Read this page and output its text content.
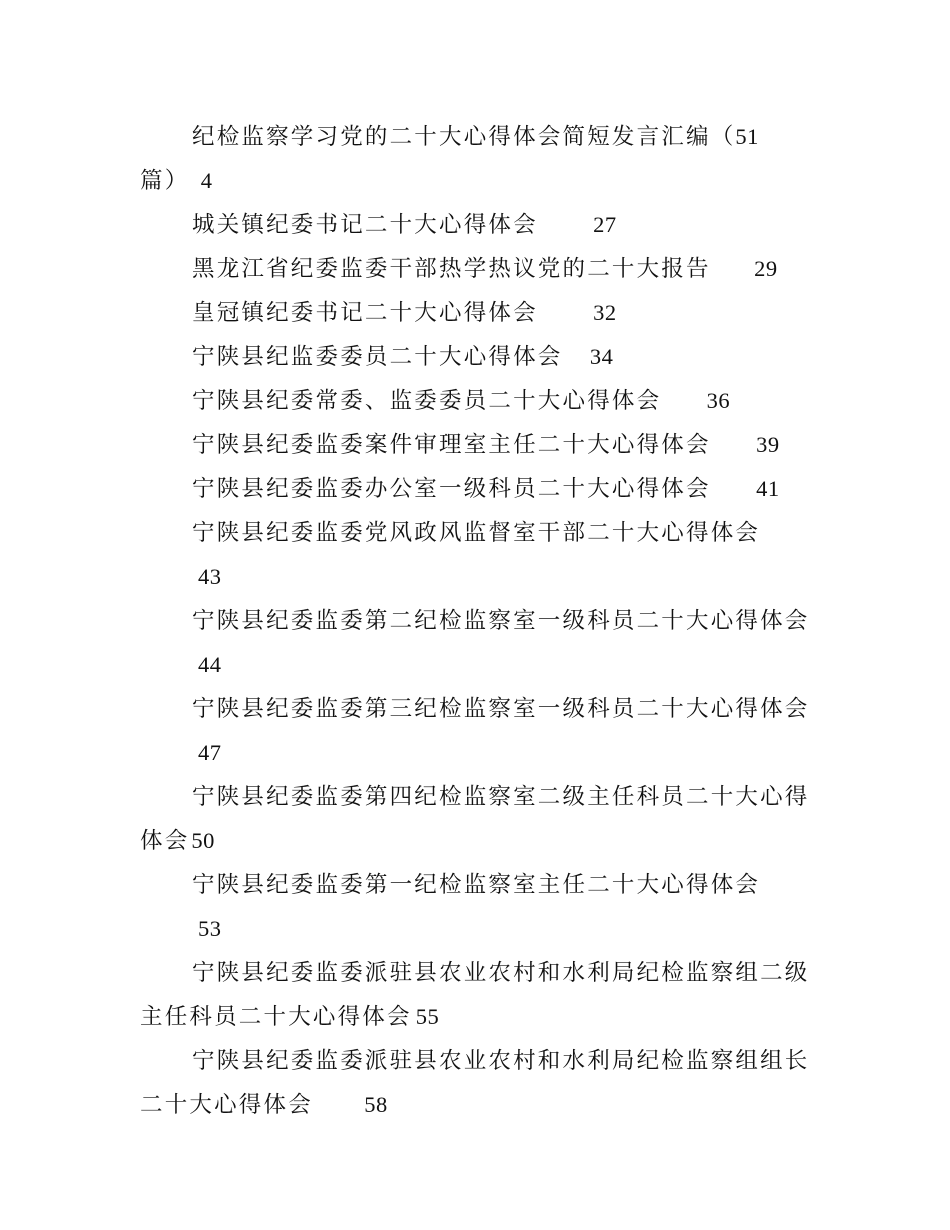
纪检监察学习党的二十大心得体会简短发言汇编（51
篇） 4
城关镇纪委书记二十大心得体会 27
黑龙江省纪委监委干部热学热议党的二十大报告 29
皇冠镇纪委书记二十大心得体会 32
宁陕县纪监委委员二十大心得体会 34
宁陕县纪委常委、监委委员二十大心得体会 36
宁陕县纪委监委案件审理室主任二十大心得体会 39
宁陕县纪委监委办公室一级科员二十大心得体会 41
宁陕县纪委监委党风政风监督室干部二十大心得体会
43
宁陕县纪委监委第二纪检监察室一级科员二十大心得体会
44
宁陕县纪委监委第三纪检监察室一级科员二十大心得体会
47
宁陕县纪委监委第四纪检监察室二级主任科员二十大心得
体会50
宁陕县纪委监委第一纪检监察室主任二十大心得体会
53
宁陕县纪委监委派驻县农业农村和水利局纪检监察组二级
主任科员二十大心得体会 55
宁陕县纪委监委派驻县农业农村和水利局纪检监察组组长
二十大心得体会 58
